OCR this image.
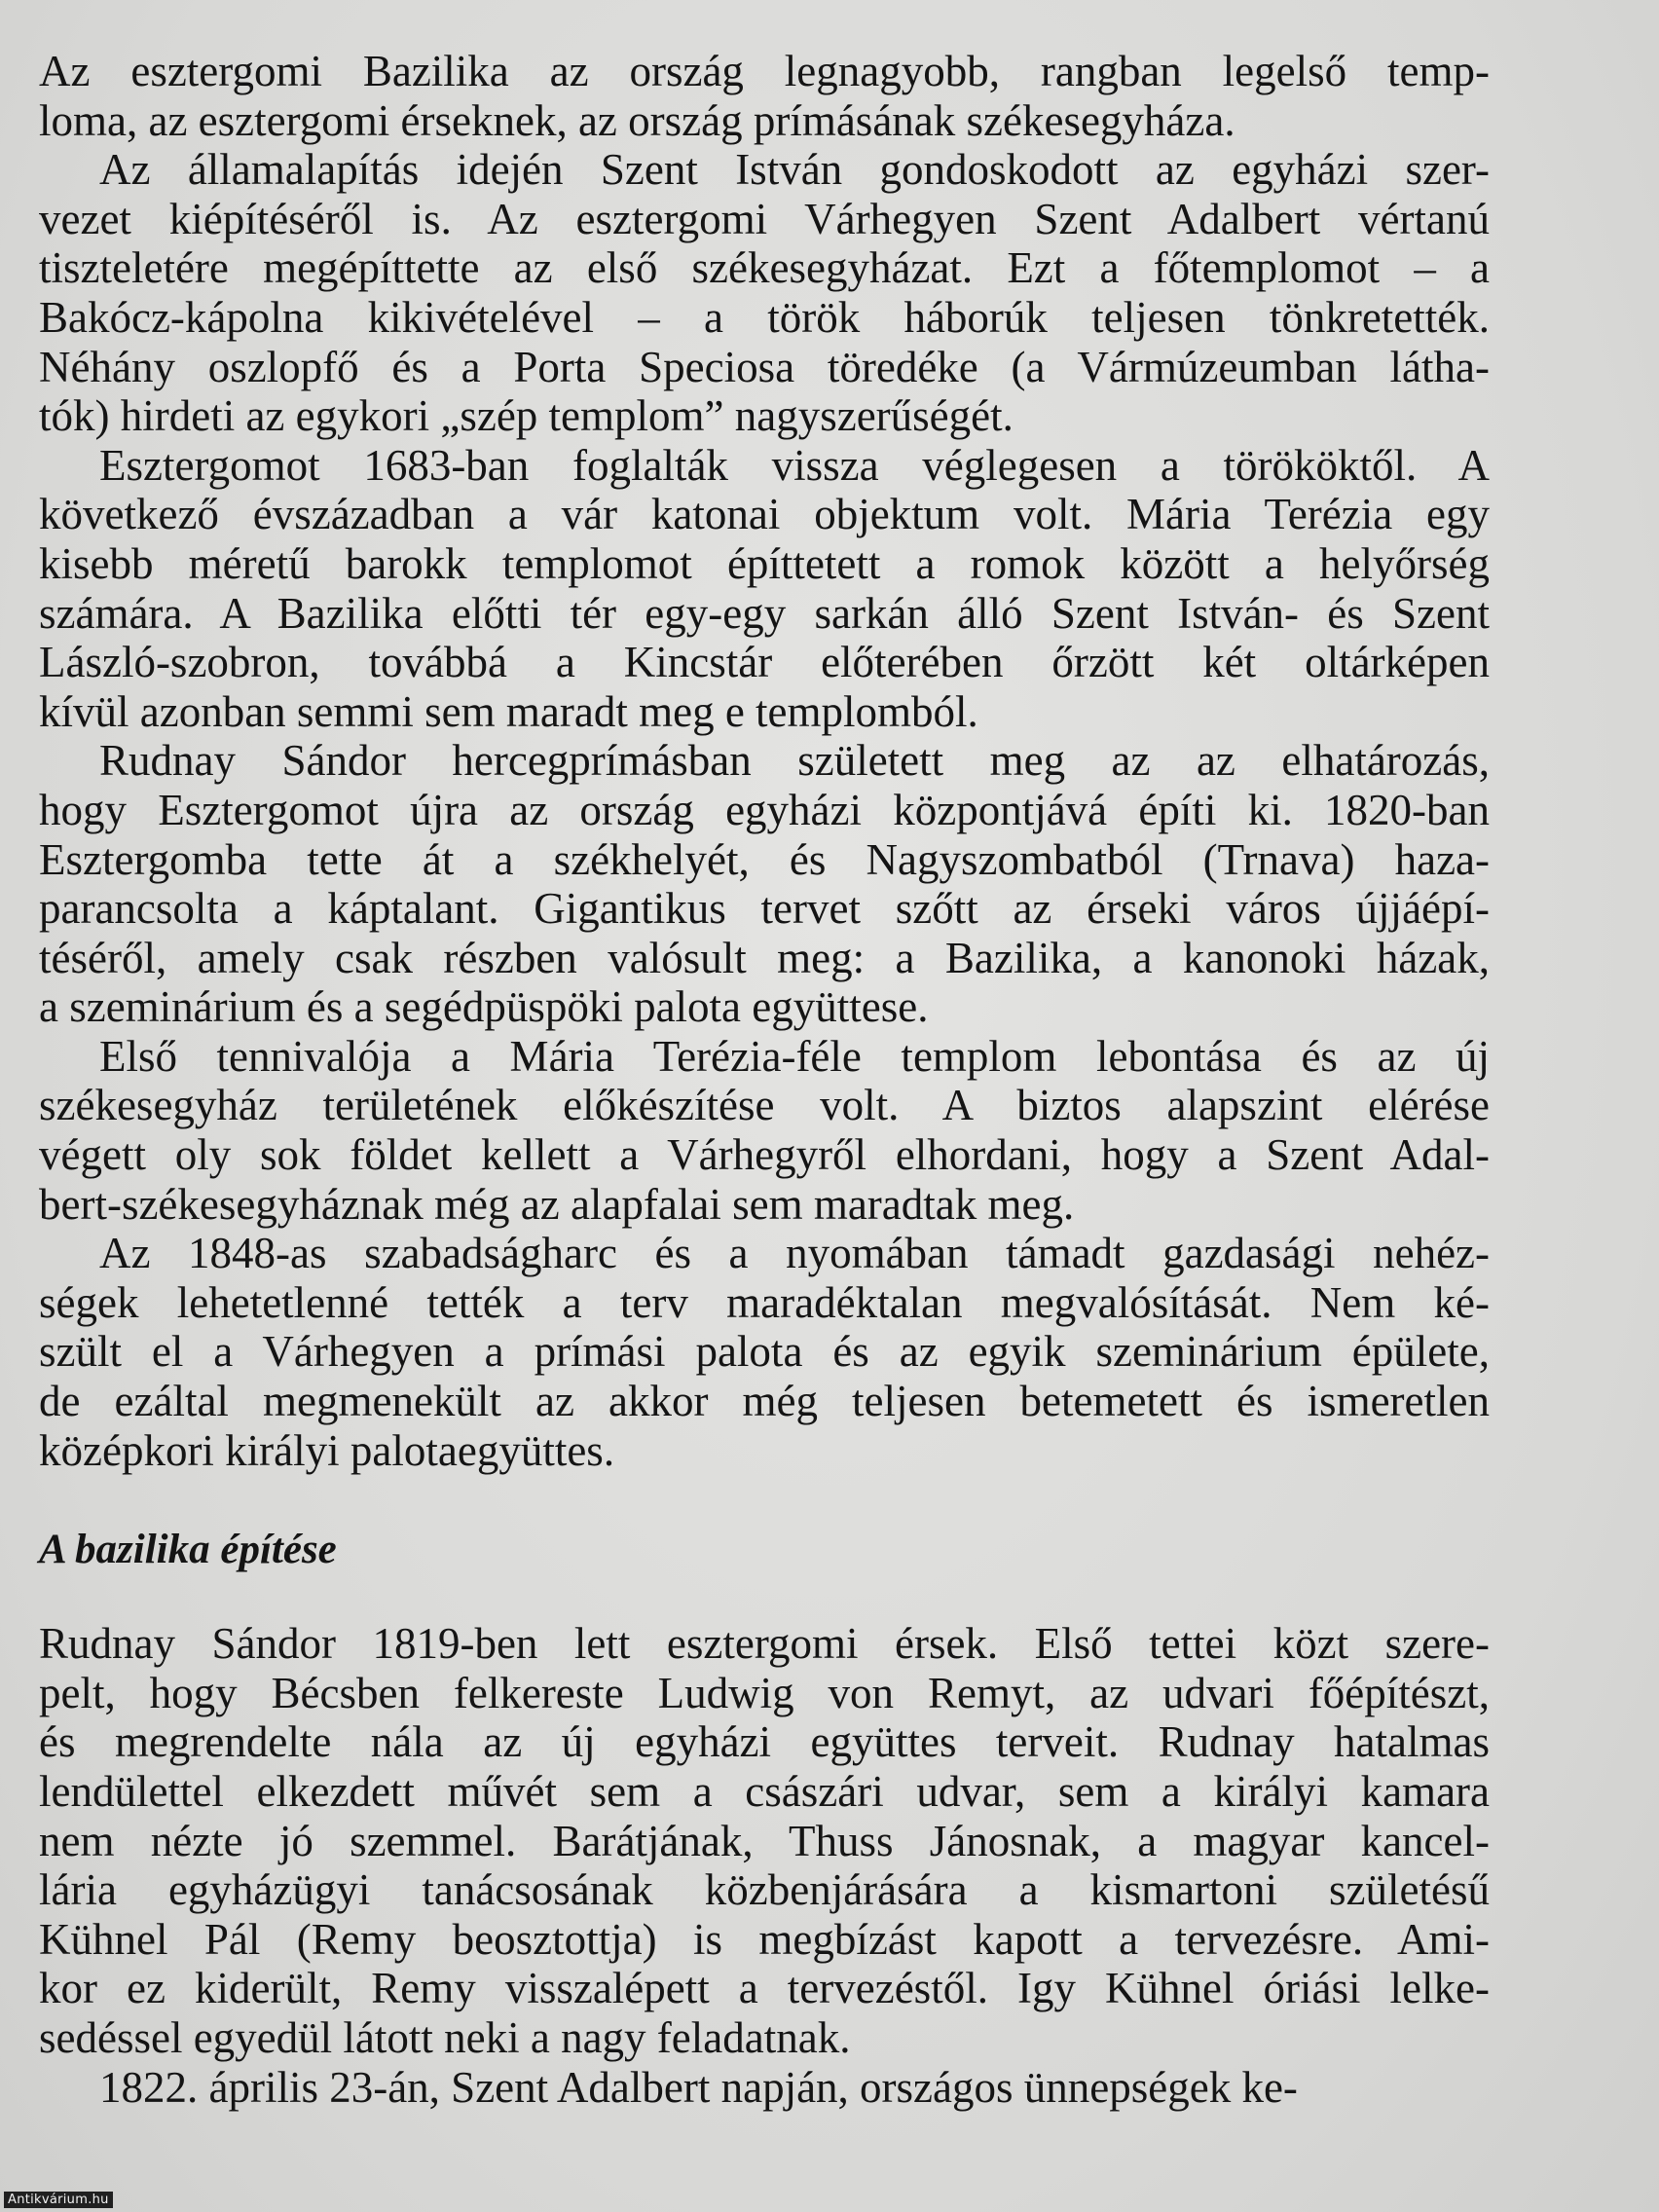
Az esztergomi Bazilika az ország legnagyobb, rangban legelső temp-
loma, az esztergomi érseknek, az ország prímásának székesegyháza.
Az államalapítás idején Szent István gondoskodott az egyházi szer-
vezet kiépítéséről is. Az esztergomi Várhegyen Szent Adalbert vértanú
tiszteletére megépíttette az első székesegyházat. Ezt a főtemplomot – a
Bakócz-kápolna kikivételével – a török háborúk teljesen tönkretették.
Néhány oszlopfő és a Porta Speciosa töredéke (a Vármúzeumban látha-
tók) hirdeti az egykori „szép templom” nagyszerűségét.
Esztergomot 1683-ban foglalták vissza véglegesen a törököktől. A
következő évszázadban a vár katonai objektum volt. Mária Terézia egy
kisebb méretű barokk templomot építtetett a romok között a helyőrség
számára. A Bazilika előtti tér egy-egy sarkán álló Szent István- és Szent
László-szobron, továbbá a Kincstár előterében őrzött két oltárképen
kívül azonban semmi sem maradt meg e templomból.
Rudnay Sándor hercegprímásban született meg az az elhatározás,
hogy Esztergomot újra az ország egyházi központjává építi ki. 1820-ban
Esztergomba tette át a székhelyét, és Nagyszombatból (Trnava) haza-
parancsolta a káptalant. Gigantikus tervet szőtt az érseki város újjáépí-
téséről, amely csak részben valósult meg: a Bazilika, a kanonoki házak,
a szeminárium és a segédpüspöki palota együttese.
Első tennivalója a Mária Terézia-féle templom lebontása és az új
székesegyház területének előkészítése volt. A biztos alapszint elérése
végett oly sok földet kellett a Várhegyről elhordani, hogy a Szent Adal-
bert-székesegyháznak még az alapfalai sem maradtak meg.
Az 1848-as szabadságharc és a nyomában támadt gazdasági nehéz-
ségek lehetetlenné tették a terv maradéktalan megvalósítását. Nem ké-
szült el a Várhegyen a prímási palota és az egyik szeminárium épülete,
de ezáltal megmenekült az akkor még teljesen betemetett és ismeretlen
középkori királyi palotaegyüttes.
A bazilika építése
Rudnay Sándor 1819-ben lett esztergomi érsek. Első tettei közt szere-
pelt, hogy Bécsben felkereste Ludwig von Remyt, az udvari főépítészt,
és megrendelte nála az új egyházi együttes terveit. Rudnay hatalmas
lendülettel elkezdett művét sem a császári udvar, sem a királyi kamara
nem nézte jó szemmel. Barátjának, Thuss Jánosnak, a magyar kancel-
lária egyházügyi tanácsosának közbenjárására a kismartoni születésű
Kühnel Pál (Remy beosztottja) is megbízást kapott a tervezésre. Ami-
kor ez kiderült, Remy visszalépett a tervezéstől. Igy Kühnel óriási lelke-
sedéssel egyedül látott neki a nagy feladatnak.
1822. április 23-án, Szent Adalbert napján, országos ünnepségek ke-
Antikvárium.hu
